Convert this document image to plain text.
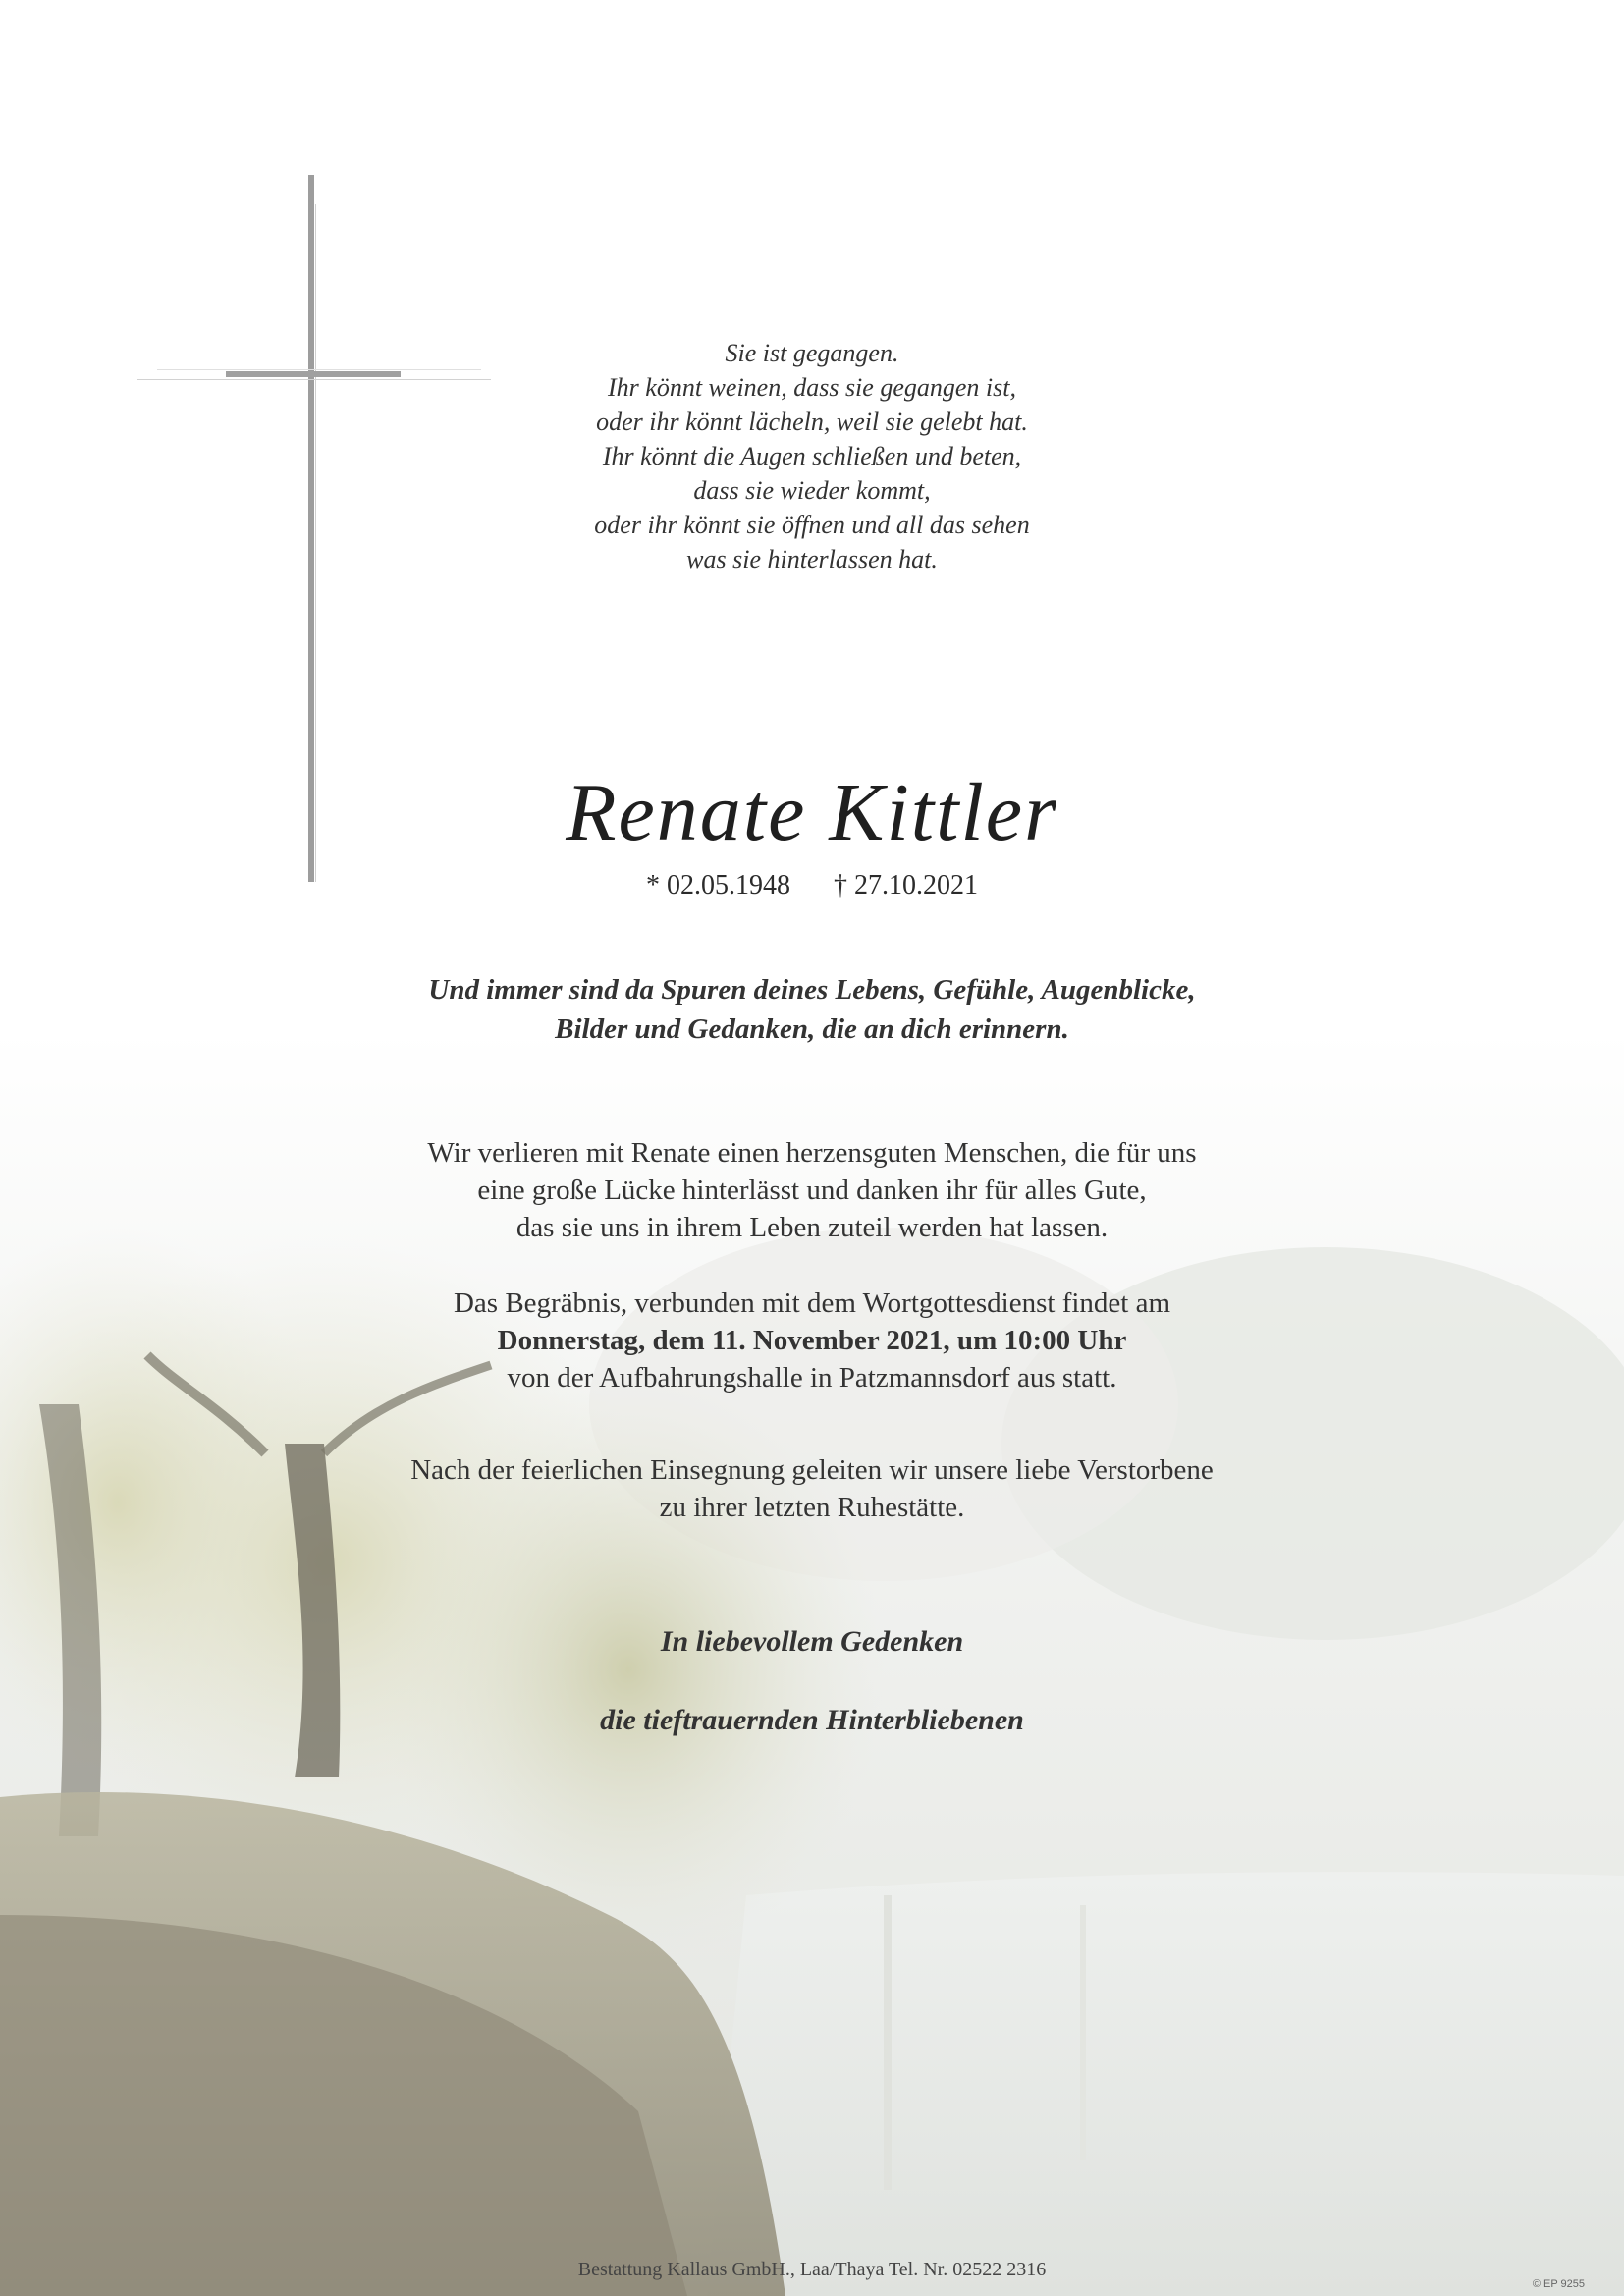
Sie ist gegangen.
Ihr könnt weinen, dass sie gegangen ist,
oder ihr könnt lächeln, weil sie gelebt hat.
Ihr könnt die Augen schließen und beten,
dass sie wieder kommt,
oder ihr könnt sie öffnen und all das sehen
was sie hinterlassen hat.
Renate Kittler
* 02.05.1948 † 27.10.2021
Und immer sind da Spuren deines Lebens, Gefühle, Augenblicke,
Bilder und Gedanken, die an dich erinnern.
Wir verlieren mit Renate einen herzensguten Menschen, die für uns
eine große Lücke hinterlässt und danken ihr für alles Gute,
das sie uns in ihrem Leben zuteil werden hat lassen.
Das Begräbnis, verbunden mit dem Wortgottesdienst findet am
Donnerstag, dem 11. November 2021, um 10:00 Uhr
von der Aufbahrungshalle in Patzmannsdorf aus statt.
Nach der feierlichen Einsegnung geleiten wir unsere liebe Verstorbene
zu ihrer letzten Ruhestätte.
In liebevollem Gedenken
die tieftrauernden Hinterbliebenen
Bestattung Kallaus GmbH., Laa/Thaya Tel. Nr. 02522 2316
© EP 9255
